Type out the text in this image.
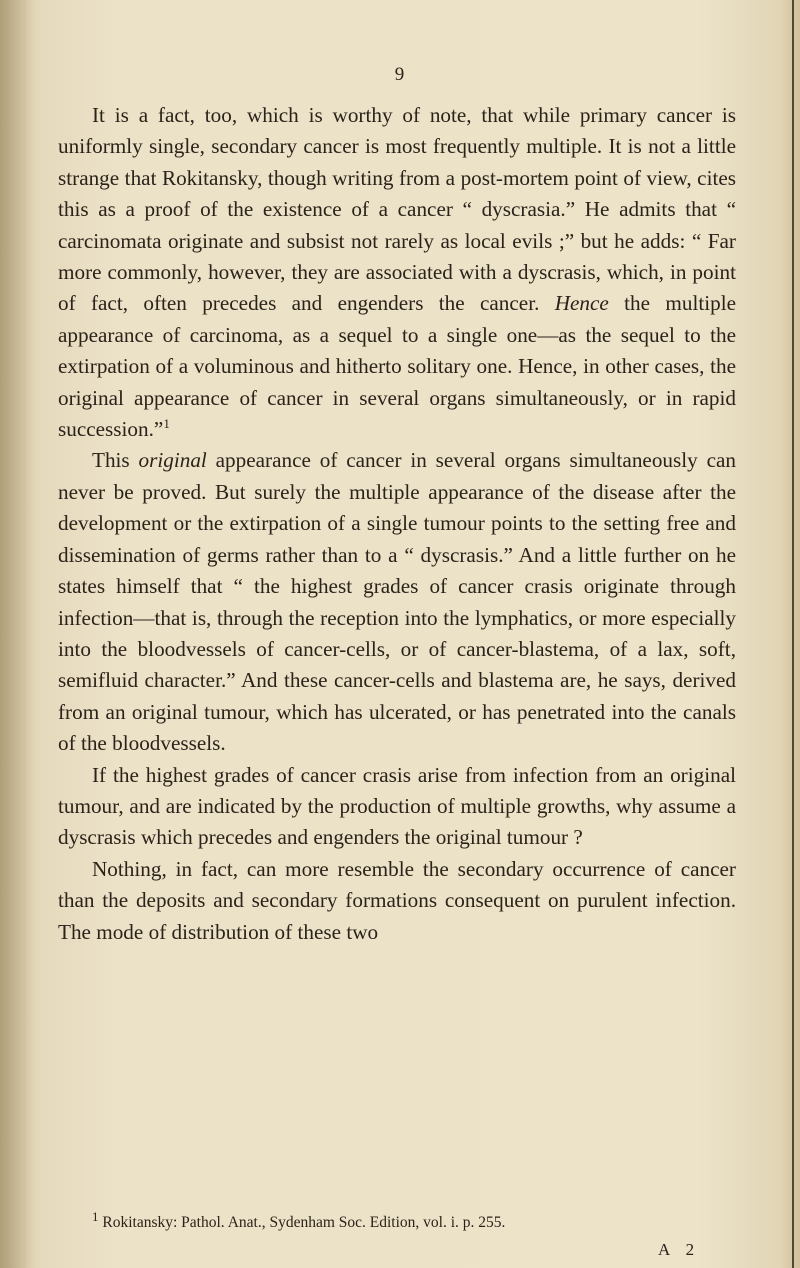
9

It is a fact, too, which is worthy of note, that while primary cancer is uniformly single, secondary cancer is most frequently multiple. It is not a little strange that Rokitansky, though writing from a post-mortem point of view, cites this as a proof of the existence of a cancer “ dyscrasia.” He admits that “ carcinomata originate and subsist not rarely as local evils ;” but he adds: “ Far more commonly, however, they are associated with a dyscrasis, which, in point of fact, often precedes and engenders the cancer. Hence the multiple appearance of carcinoma, as a sequel to a single one—as the sequel to the extirpation of a voluminous and hitherto solitary one. Hence, in other cases, the original appearance of cancer in several organs simultaneously, or in rapid succession.”$^1$

This original appearance of cancer in several organs simultaneously can never be proved. But surely the multiple appearance of the disease after the development or the extirpation of a single tumour points to the setting free and dissemination of germs rather than to a “ dyscrasis.” And a little further on he states himself that “ the highest grades of cancer crasis originate through infection—that is, through the reception into the lymphatics, or more especially into the bloodvessels of cancer-cells, or of cancer-blastema, of a lax, soft, semifluid character.” And these cancer-cells and blastema are, he says, derived from an original tumour, which has ulcerated, or has penetrated into the canals of the bloodvessels.

If the highest grades of cancer crasis arise from infection from an original tumour, and are indicated by the production of multiple growths, why assume a dyscrasis which precedes and engenders the original tumour ?

Nothing, in fact, can more resemble the secondary occurrence of cancer than the deposits and secondary formations consequent on purulent infection. The mode of distribution of these two

$^1$ Rokitansky: Pathol. Anat., Sydenham Soc. Edition, vol. i. p. 255.
A 2
